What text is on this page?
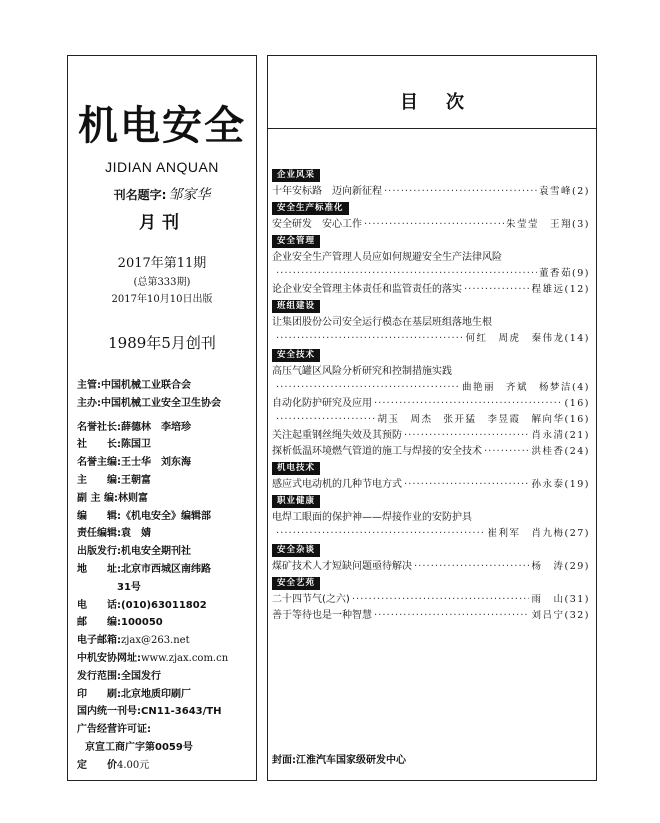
机电安全
JIDIAN ANQUAN
刊名题字: 邹家华
月刊
2017年第11期
(总第333期)
2017年10月10日出版
1989年5月创刊
主管: 中国机械工业联合会
主办: 中国机械工业安全卫生协会
名誉社长: 薛德林　李培珍
社　　长: 陈国卫
名誉主编: 王士华　刘东海
主　　编: 王朝富
副 主 编: 林则富
编　　辑: 《机电安全》编辑部
责任编辑: 袁　婧
出版发行: 机电安全期刊社
地　　址: 北京市西城区南纬路
31号
电　　话: (010)63011802
邮　　编: 100050
电子邮箱: zjax@263.net
中机安协网址: www.zjax.com.cn
发行范围: 全国发行
印　　刷: 北京地质印刷厂
国内统一刊号: CN11-3643/TH
广告经营许可证:
京宣工商广字第0059号
定　　价 4.00元
目次
企业风采
十年安标路　迈向新征程 ·····	袁雪峰(2)
安全生产标准化
安全研发　安心工作 ·····	朱莹莹　王翔(3)
安全管理
企业安全生产管理人员应如何规避安全生产法律风险
·····
董香茹(9)
论企业安全管理主体责任和监管责任的落实 ·····	程雄远(12)
班组建设
让集团股份公司安全运行模态在基层班组落地生根
·····
何红　周虎　秦伟龙(14)
安全技术
高压气罐区风险分析研究和控制措施实践
·····
曲艳丽　齐斌　杨梦洁(4)
自动化防护研究及应用 ·····	(16)
·····
胡玉　周杰　张开猛　李昱霞　解向华(16)
关注起重钢丝绳失效及其预防 ·····	肖永清(21)
探析低温环境燃气管道的施工与焊接的安全技术 ·····	洪桂香(24)
机电技术
感应式电动机的几种节电方式 ·····	孙永泰(19)
职业健康
电焊工眼面的保护神——焊接作业的安防护具
·····
崔利军　肖九梅(27)
安全杂谈
煤矿技术人才短缺问题亟待解决 ·····	杨　涛(29)
安全艺苑
二十四节气(之六) ·····	雨　山(31)
善于等待也是一种智慧 ·····	刘吕宁(32)
封面:江淮汽车国家级研发中心
